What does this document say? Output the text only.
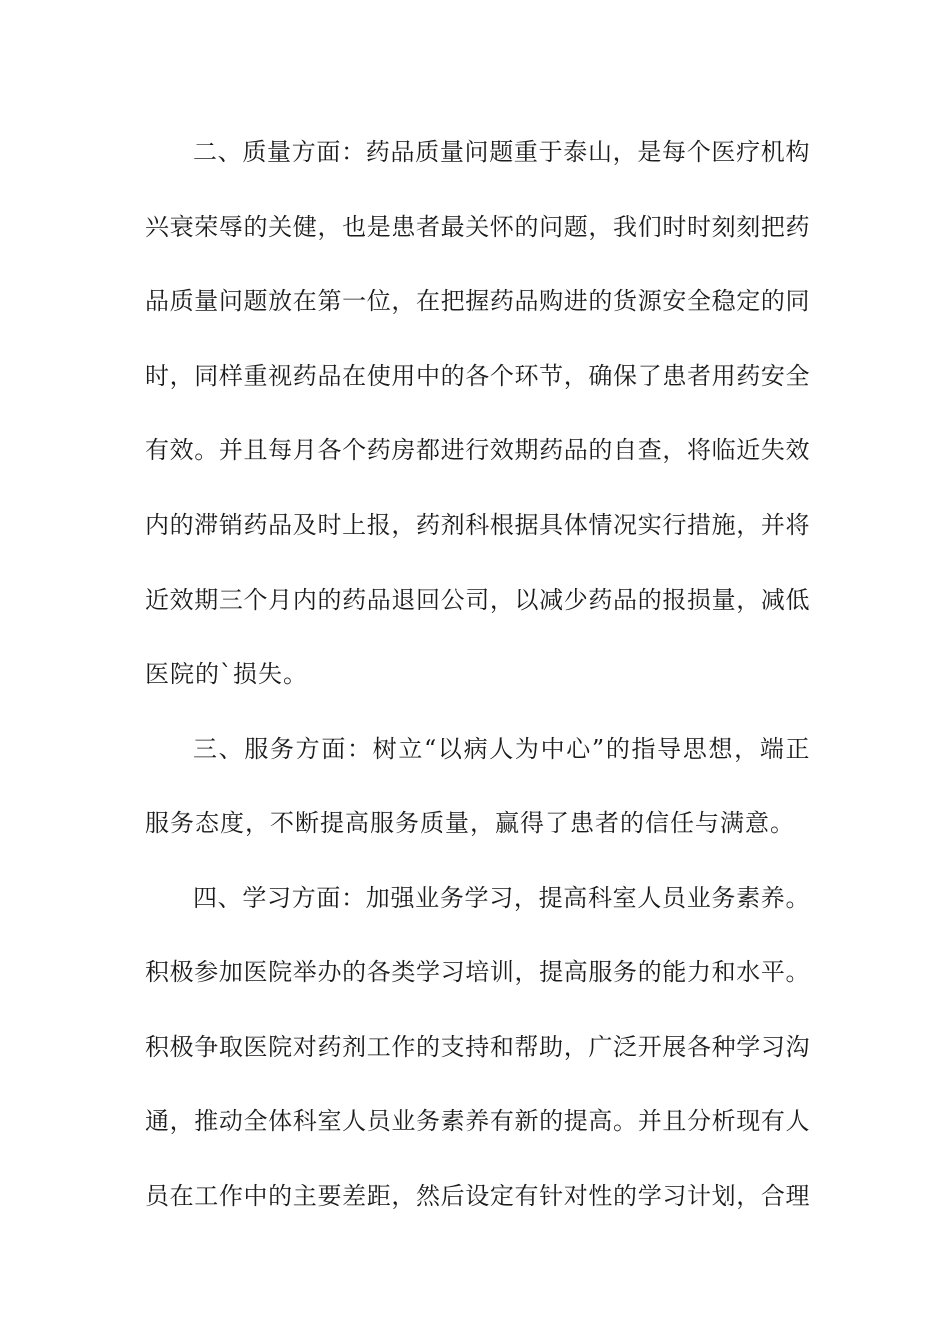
二、质量方面：药品质量问题重于泰山，是每个医疗机构
兴衰荣辱的关健，也是患者最关怀的问题，我们时时刻刻把药
品质量问题放在第一位，在把握药品购进的货源安全稳定的同
时，同样重视药品在使用中的各个环节，确保了患者用药安全
有效。并且每月各个药房都进行效期药品的自查，将临近失效
内的滞销药品及时上报，药剂科根据具体情况实行措施，并将
近效期三个月内的药品退回公司，以减少药品的报损量，减低
医院的`损失。
三、服务方面：树立“以病人为中心”的指导思想，端正
服务态度，不断提高服务质量，赢得了患者的信任与满意。
四、学习方面：加强业务学习，提高科室人员业务素养。
积极参加医院举办的各类学习培训，提高服务的能力和水平。
积极争取医院对药剂工作的支持和帮助，广泛开展各种学习沟
通，推动全体科室人员业务素养有新的提高。并且分析现有人
员在工作中的主要差距，然后设定有针对性的学习计划，合理
